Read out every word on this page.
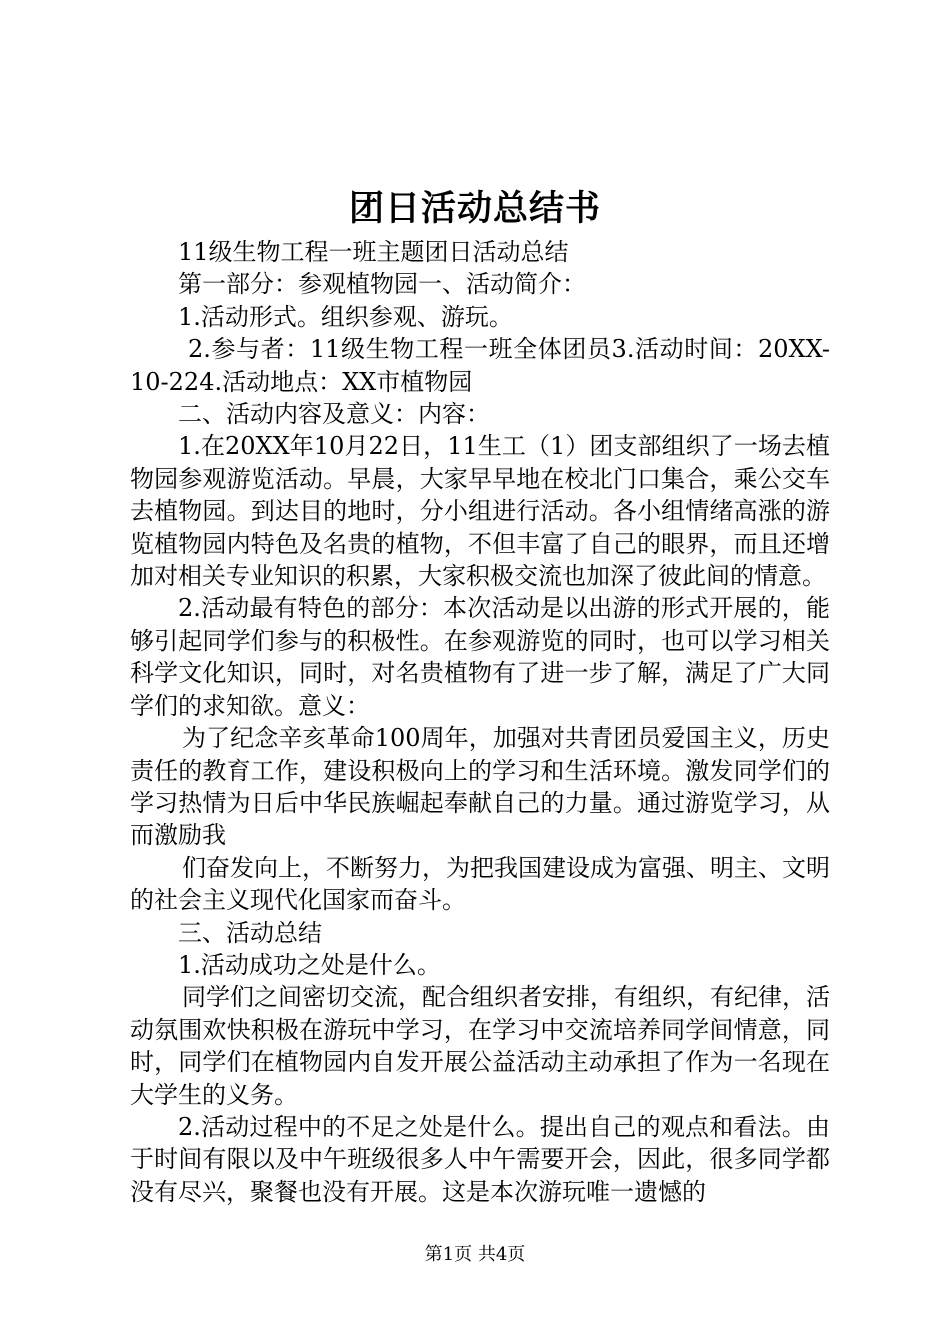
团日活动总结书

11级生物工程一班主题团日活动总结

第一部分：参观植物园一、活动简介：

1.活动形式。组织参观、游玩。

2.参与者：11级生物工程一班全体团员3.活动时间：20XX-10-224.活动地点：XX市植物园

二、活动内容及意义：内容：

1.在20XX年10月22日，11生工（1）团支部组织了一场去植物园参观游览活动。早晨，大家早早地在校北门口集合，乘公交车去植物园。到达目的地时，分小组进行活动。各小组情绪高涨的游览植物园内特色及名贵的植物，不但丰富了自己的眼界，而且还增加对相关专业知识的积累，大家积极交流也加深了彼此间的情意。

2.活动最有特色的部分：本次活动是以出游的形式开展的，能够引起同学们参与的积极性。在参观游览的同时，也可以学习相关科学文化知识，同时，对名贵植物有了进一步了解，满足了广大同学们的求知欲。意义：

为了纪念辛亥革命100周年，加强对共青团员爱国主义，历史责任的教育工作，建设积极向上的学习和生活环境。激发同学们的学习热情为日后中华民族崛起奉献自己的力量。通过游览学习，从而激励我

们奋发向上，不断努力，为把我国建设成为富强、明主、文明的社会主义现代化国家而奋斗。

三、活动总结

1.活动成功之处是什么。

同学们之间密切交流，配合组织者安排，有组织，有纪律，活动氛围欢快积极在游玩中学习，在学习中交流培养同学间情意，同时，同学们在植物园内自发开展公益活动主动承担了作为一名现在大学生的义务。

2.活动过程中的不足之处是什么。提出自己的观点和看法。由于时间有限以及中午班级很多人中午需要开会，因此，很多同学都没有尽兴，聚餐也没有开展。这是本次游玩唯一遗憾的

第1页 共4页
